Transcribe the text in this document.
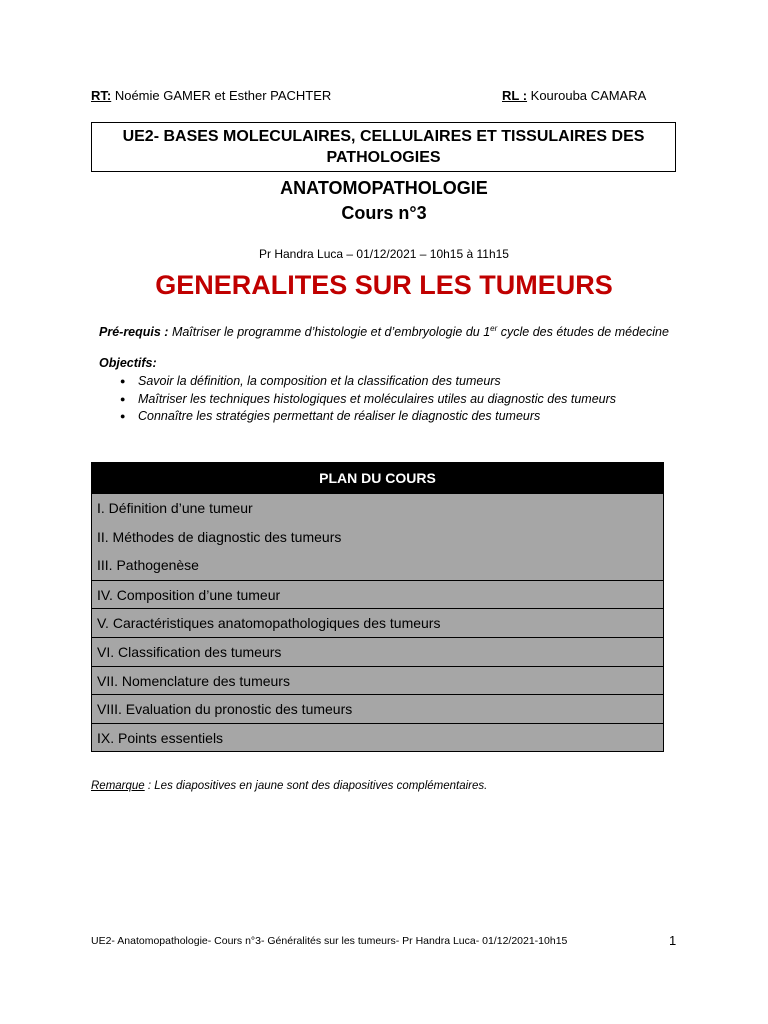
RT: Noémie GAMER et Esther PACHTER	RL : Kourouba CAMARA
UE2- BASES MOLECULAIRES, CELLULAIRES ET TISSULAIRES DES PATHOLOGIES
ANATOMOPATHOLOGIE
Cours n°3
Pr Handra Luca – 01/12/2021 – 10h15 à 11h15
GENERALITES SUR LES TUMEURS
Pré-requis : Maîtriser le programme d’histologie et d’embryologie du 1er cycle des études de médecine
Objectifs:
● Savoir la définition, la composition et la classification des tumeurs
● Maîtriser les techniques histologiques et moléculaires utiles au diagnostic des tumeurs
● Connaître les stratégies permettant de réaliser le diagnostic des tumeurs
PLAN DU COURS
I. Définition d’une tumeur
II. Méthodes de diagnostic des tumeurs
III. Pathogenèse
IV. Composition d’une tumeur
V. Caractéristiques anatomopathologiques des tumeurs
VI. Classification des tumeurs
VII. Nomenclature des tumeurs
VIII. Evaluation du pronostic des tumeurs
IX. Points essentiels
Remarque : Les diapositives en jaune sont des diapositives complémentaires.
UE2- Anatomopathologie- Cours n°3- Généralités sur les tumeurs- Pr Handra Luca- 01/12/2021-10h15	1
